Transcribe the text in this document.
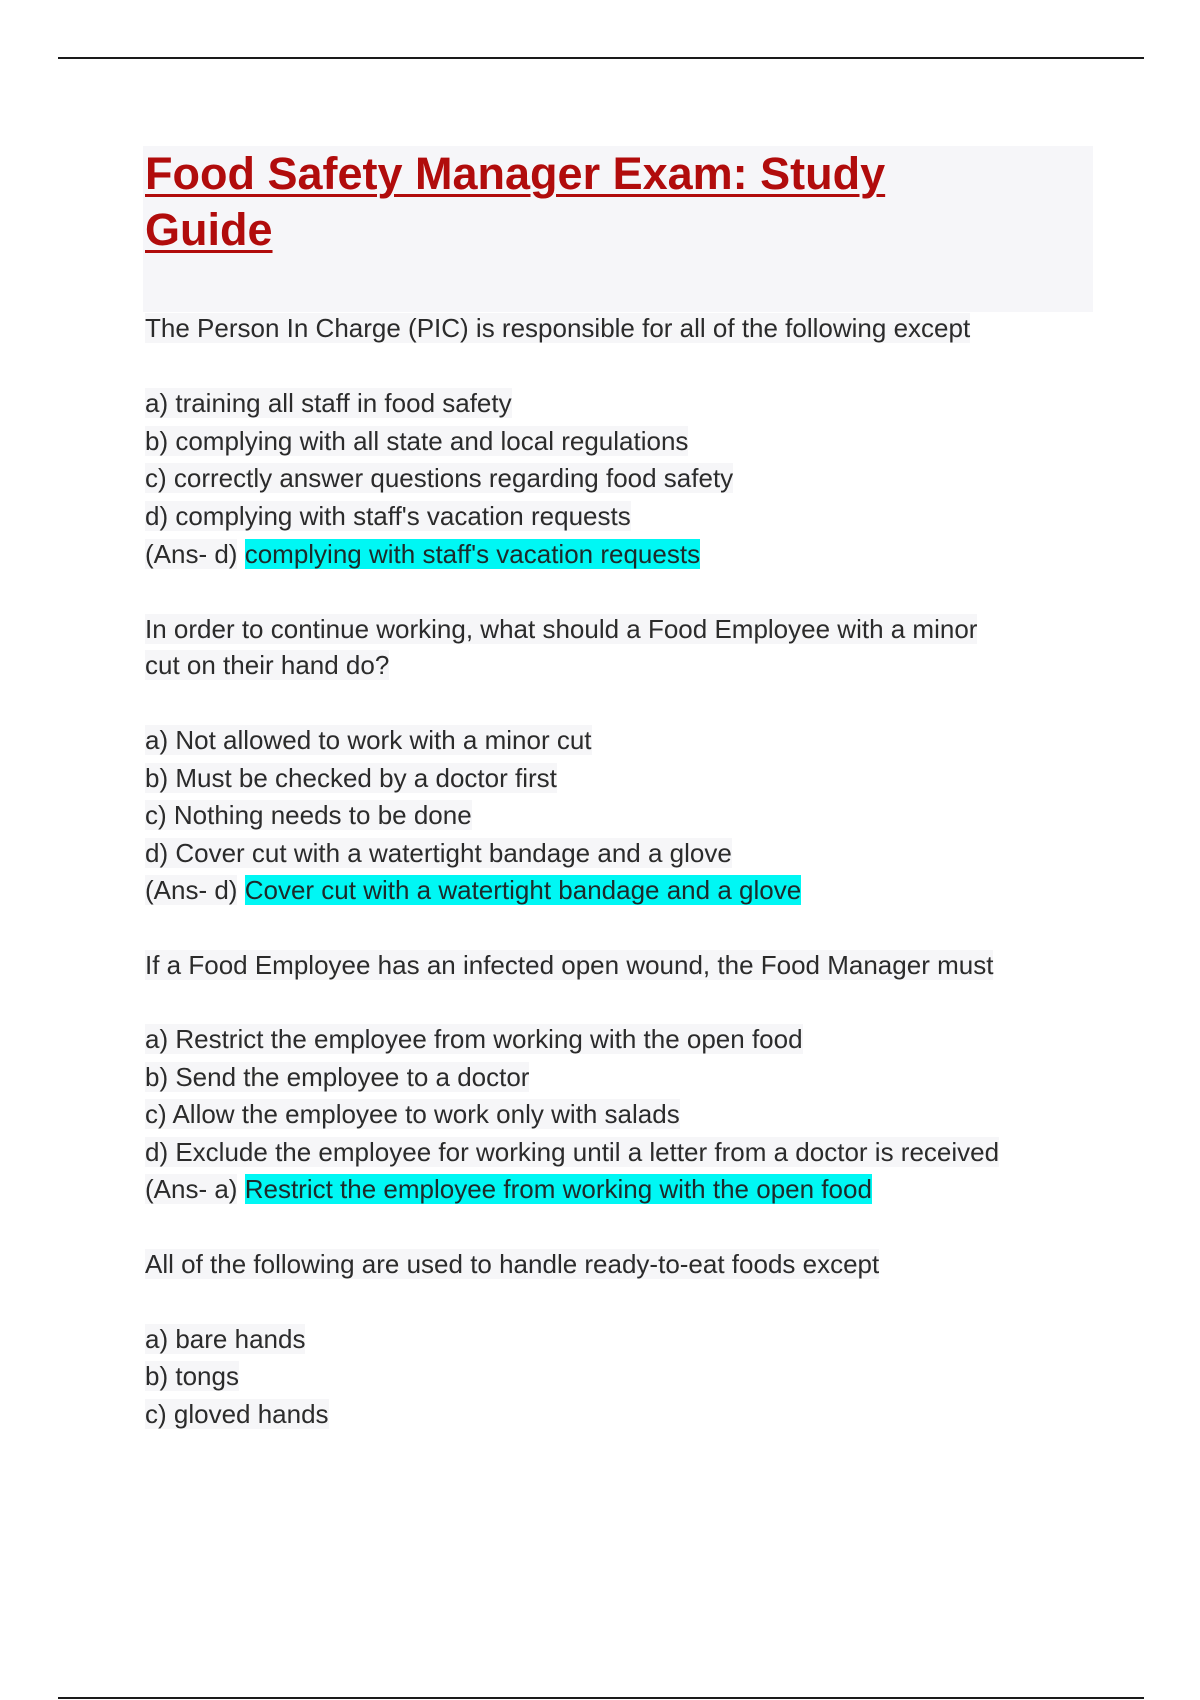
Food Safety Manager Exam: Study Guide
The Person In Charge (PIC) is responsible for all of the following except
a) training all staff in food safety
b) complying with all state and local regulations
c) correctly answer questions regarding food safety
d) complying with staff's vacation requests
(Ans- d) complying with staff's vacation requests
In order to continue working, what should a Food Employee with a minor
cut on their hand do?
a) Not allowed to work with a minor cut
b) Must be checked by a doctor first
c) Nothing needs to be done
d) Cover cut with a watertight bandage and a glove
(Ans- d) Cover cut with a watertight bandage and a glove
If a Food Employee has an infected open wound, the Food Manager must
a) Restrict the employee from working with the open food
b) Send the employee to a doctor
c) Allow the employee to work only with salads
d) Exclude the employee for working until a letter from a doctor is received
(Ans- a) Restrict the employee from working with the open food
All of the following are used to handle ready-to-eat foods except
a) bare hands
b) tongs
c) gloved hands
